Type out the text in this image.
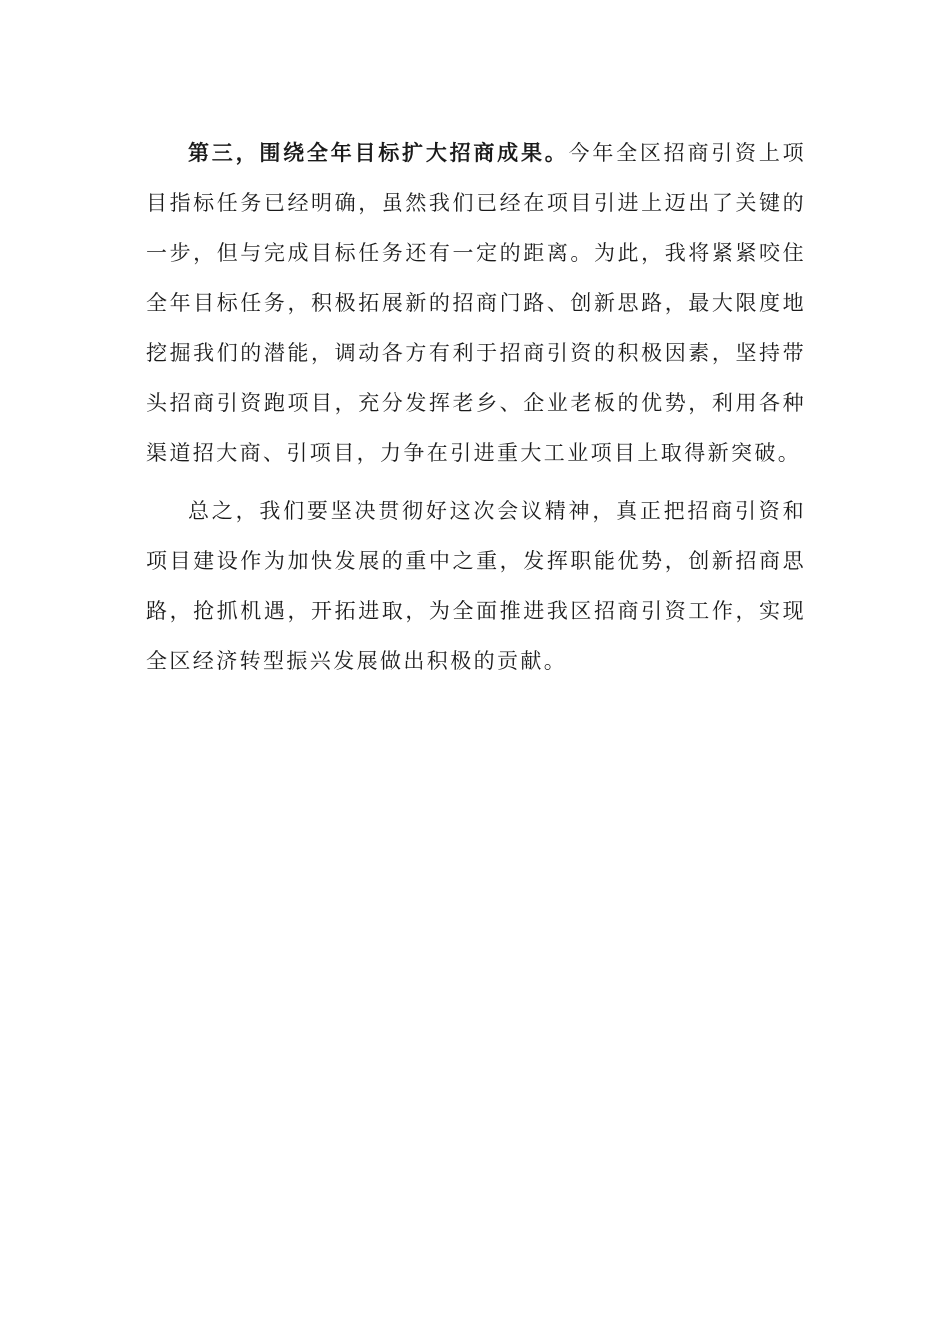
第三，围绕全年目标扩大招商成果。今年全区招商引资上项目指标任务已经明确，虽然我们已经在项目引进上迈出了关键的一步，但与完成目标任务还有一定的距离。为此，我将紧紧咬住全年目标任务，积极拓展新的招商门路、创新思路，最大限度地挖掘我们的潜能，调动各方有利于招商引资的积极因素，坚持带头招商引资跑项目，充分发挥老乡、企业老板的优势，利用各种渠道招大商、引项目，力争在引进重大工业项目上取得新突破。

总之，我们要坚决贯彻好这次会议精神，真正把招商引资和项目建设作为加快发展的重中之重，发挥职能优势，创新招商思路，抢抓机遇，开拓进取，为全面推进我区招商引资工作，实现全区经济转型振兴发展做出积极的贡献。
